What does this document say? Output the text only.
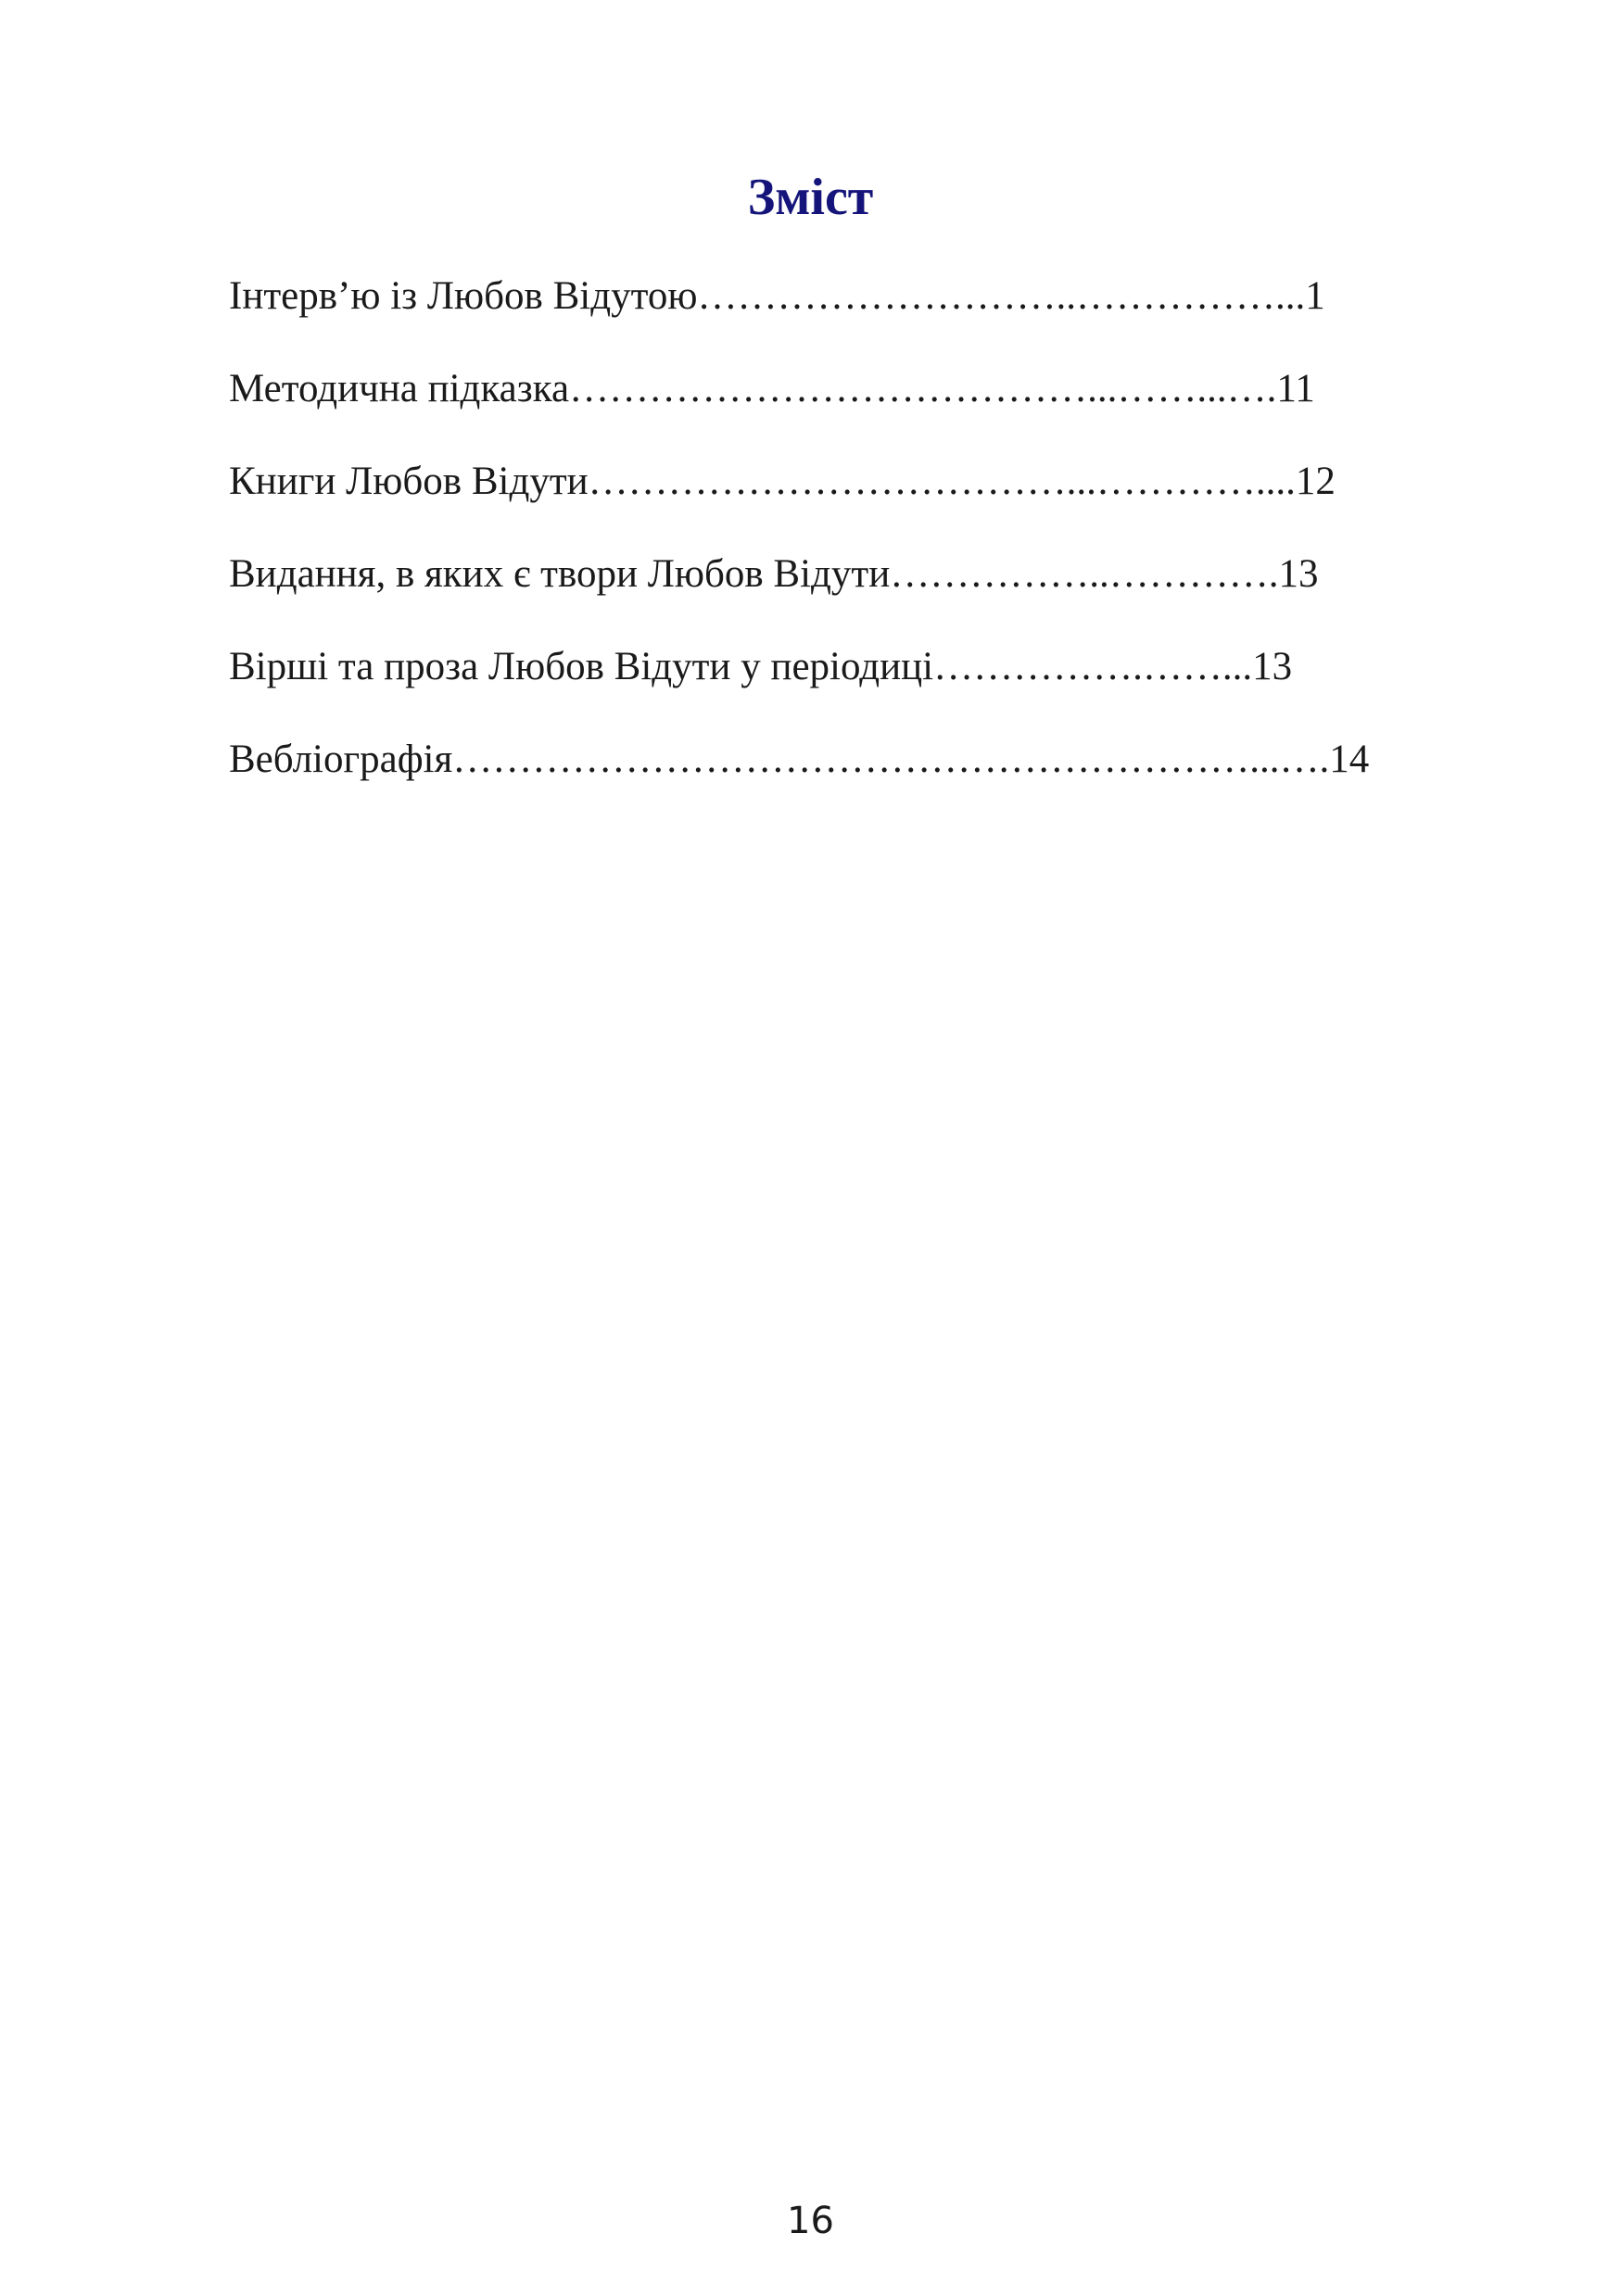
Зміст
Інтерв’ю із Любов Відутою………………………..……………...1
Методична підказка…………………………………...……...….11
Книги Любов Відути………………………………...…………....12
Видання, в яких є твори Любов Відути……………..………….13
Вірші та проза Любов Відути у періодиці…………….……...13
Вебліографія……………………………………………………...….14
16
